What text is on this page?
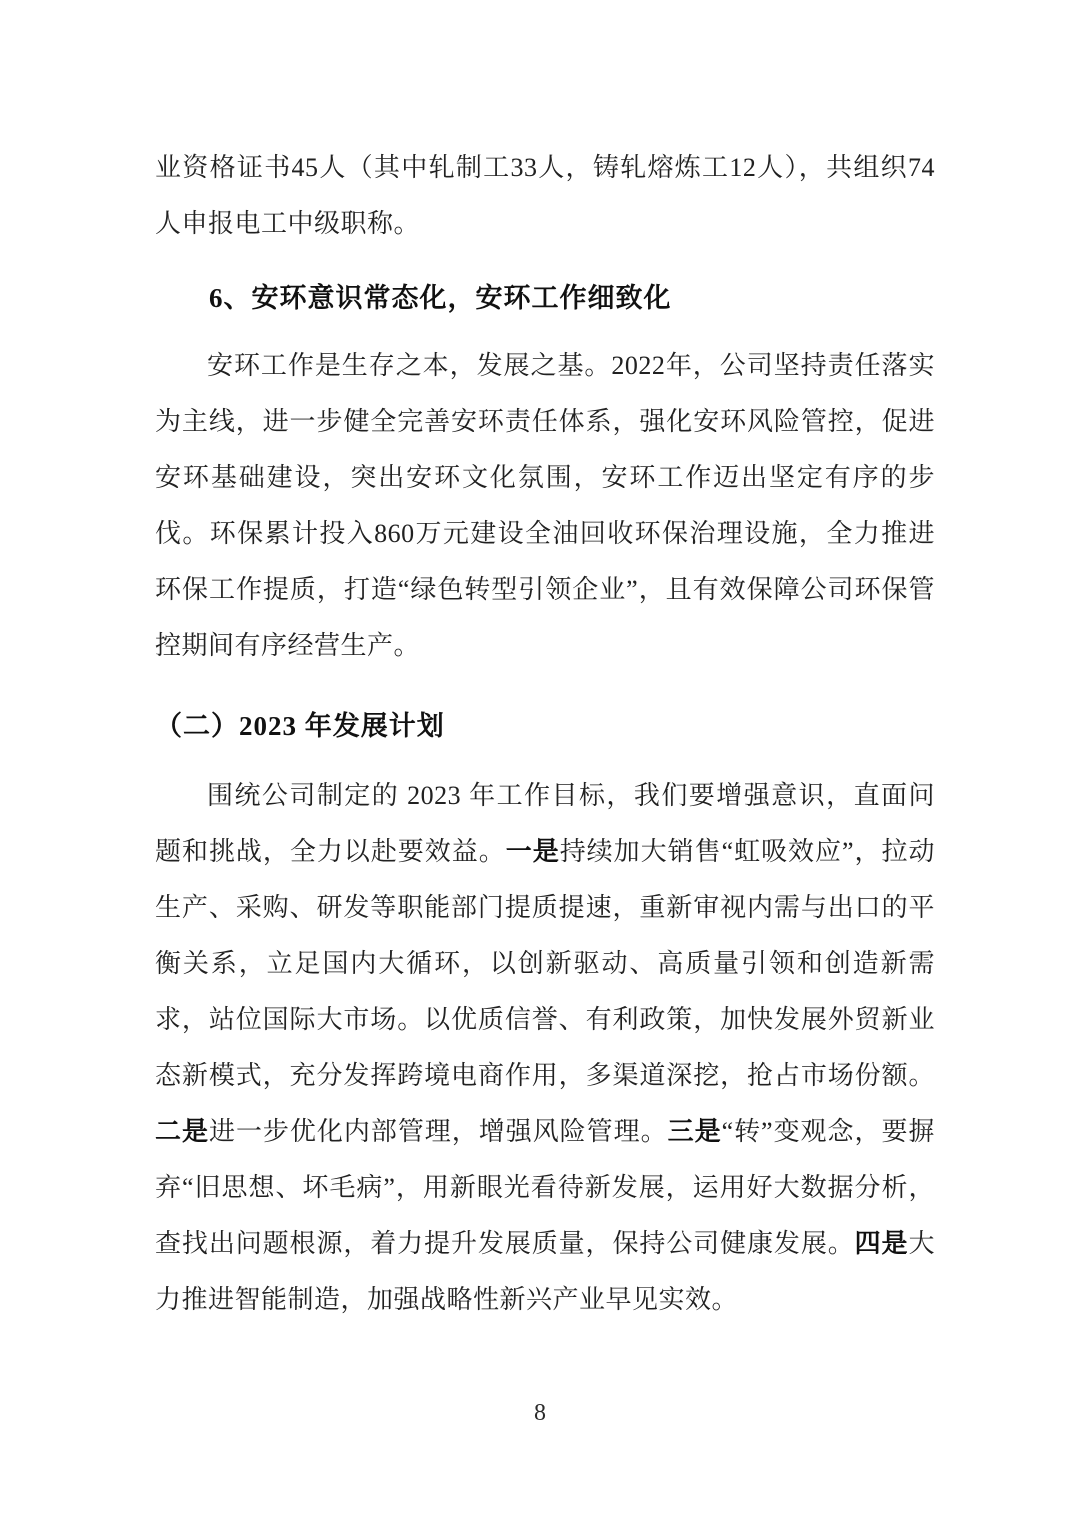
业资格证书45人（其中轧制工33人，铸轧熔炼工12人），共组织74人申报电工中级职称。

6、安环意识常态化，安环工作细致化

安环工作是生存之本，发展之基。2022年，公司坚持责任落实为主线，进一步健全完善安环责任体系，强化安环风险管控，促进安环基础建设，突出安环文化氛围，安环工作迈出坚定有序的步伐。环保累计投入860万元建设全油回收环保治理设施，全力推进环保工作提质，打造“绿色转型引领企业”，且有效保障公司环保管控期间有序经营生产。

（二）2023 年发展计划

围统公司制定的 2023 年工作目标，我们要增强意识，直面问题和挑战，全力以赴要效益。一是持续加大销售“虹吸效应”，拉动生产、采购、研发等职能部门提质提速，重新审视内需与出口的平衡关系，立足国内大循环，以创新驱动、高质量引领和创造新需求，站位国际大市场。以优质信誉、有利政策，加快发展外贸新业态新模式，充分发挥跨境电商作用，多渠道深挖，抢占市场份额。二是进一步优化内部管理，增强风险管理。三是“转”变观念，要摒弃“旧思想、坏毛病”，用新眼光看待新发展，运用好大数据分析，查找出问题根源，着力提升发展质量，保持公司健康发展。四是大力推进智能制造，加强战略性新兴产业早见实效。

8
